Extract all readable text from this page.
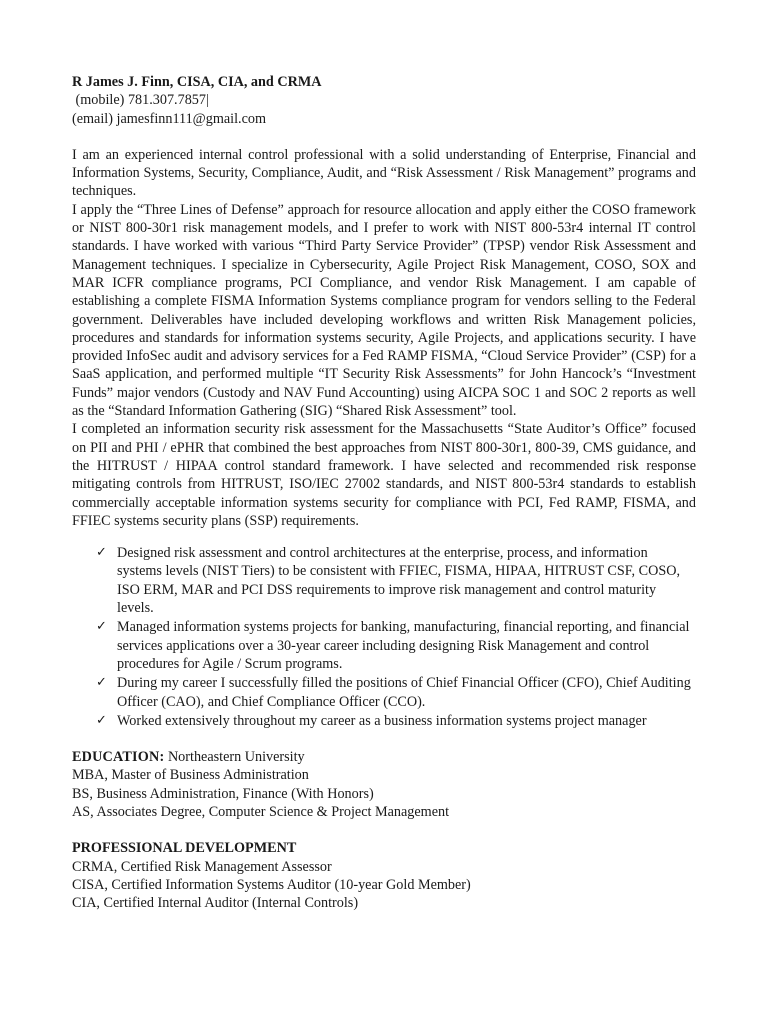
R James J. Finn, CISA, CIA, and CRMA

(mobile) 781.307.7857|

(email) jamesfinn111@gmail.com

I am an experienced internal control professional with a solid understanding of Enterprise, Financial and Information Systems, Security, Compliance, Audit, and “Risk Assessment / Risk Management” programs and techniques.

I apply the “Three Lines of Defense” approach for resource allocation and apply either the COSO framework or NIST 800-30r1 risk management models, and I prefer to work with NIST 800-53r4 internal IT control standards. I have worked with various “Third Party Service Provider” (TPSP) vendor Risk Assessment and Management techniques. I specialize in Cybersecurity, Agile Project Risk Management, COSO, SOX and MAR ICFR compliance programs, PCI Compliance, and vendor Risk Management. I am capable of establishing a complete FISMA Information Systems compliance program for vendors selling to the Federal government. Deliverables have included developing workflows and written Risk Management policies, procedures and standards for information systems security, Agile Projects, and applications security. I have provided InfoSec audit and advisory services for a Fed RAMP FISMA, “Cloud Service Provider” (CSP) for a SaaS application, and performed multiple “IT Security Risk Assessments” for John Hancock’s “Investment Funds” major vendors (Custody and NAV Fund Accounting) using AICPA SOC 1 and SOC 2 reports as well as the “Standard Information Gathering (SIG) “Shared Risk Assessment” tool.

I completed an information security risk assessment for the Massachusetts “State Auditor’s Office” focused on PII and PHI / ePHR that combined the best approaches from NIST 800-30r1, 800-39, CMS guidance, and the HITRUST / HIPAA control standard framework. I have selected and recommended risk response mitigating controls from HITRUST, ISO/IEC 27002 standards, and NIST 800-53r4 standards to establish commercially acceptable information systems security for compliance with PCI, Fed RAMP, FISMA, and FFIEC systems security plans (SSP) requirements.

✓ Designed risk assessment and control architectures at the enterprise, process, and information systems levels (NIST Tiers) to be consistent with FFIEC, FISMA, HIPAA, HITRUST CSF, COSO, ISO ERM, MAR and PCI DSS requirements to improve risk management and control maturity levels.
✓ Managed information systems projects for banking, manufacturing, financial reporting, and financial services applications over a 30-year career including designing Risk Management and control procedures for Agile / Scrum programs.
✓ During my career I successfully filled the positions of Chief Financial Officer (CFO), Chief Auditing Officer (CAO), and Chief Compliance Officer (CCO).
✓ Worked extensively throughout my career as a business information systems project manager

EDUCATION: Northeastern University

MBA, Master of Business Administration

BS, Business Administration, Finance (With Honors)

AS, Associates Degree, Computer Science & Project Management

PROFESSIONAL DEVELOPMENT

CRMA, Certified Risk Management Assessor

CISA, Certified Information Systems Auditor (10-year Gold Member)

CIA, Certified Internal Auditor (Internal Controls)
